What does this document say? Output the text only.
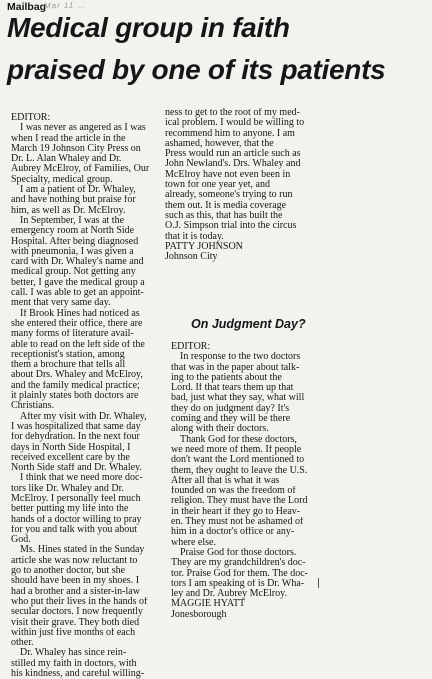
Mar 11 …
Mailbag
Medical group in faith
praised by one of its patients
EDITOR:
I was never as angered as I was
when I read the article in the
March 19 Johnson City Press on
Dr. L. Alan Whaley and Dr.
Aubrey McElroy, of Families, Our
Specialty, medical group.
I am a patient of Dr. Whaley,
and have nothing but praise for
him, as well as Dr. McElroy.
In September, I was at the
emergency room at North Side
Hospital. After being diagnosed
with pneumonia, I was given a
card with Dr. Whaley's name and
medical group. Not getting any
better, I gave the medical group a
call. I was able to get an appoint-
ment that very same day.
If Brook Hines had noticed as
she entered their office, there are
many forms of literature avail-
able to read on the left side of the
receptionist's station, among
them a brochure that tells all
about Drs. Whaley and McElroy,
and the family medical practice;
it plainly states both doctors are
Christians.
After my visit with Dr. Whaley,
I was hospitalized that same day
for dehydration. In the next four
days in North Side Hospital, I
received excellent care by the
North Side staff and Dr. Whaley.
I think that we need more doc-
tors like Dr. Whaley and Dr.
McElroy. I personally feel much
better putting my life into the
hands of a doctor willing to pray
for you and talk with you about
God.
Ms. Hines stated in the Sunday
article she was now reluctant to
go to another doctor, but she
should have been in my shoes. I
had a brother and a sister-in-law
who put their lives in the hands of
secular doctors. I now frequently
visit their grave. They both died
within just five months of each
other.
Dr. Whaley has since rein-
stilled my faith in doctors, with
his kindness, and careful willing-
ness to get to the root of my med-
ical problem. I would be willing to
recommend him to anyone. I am
ashamed, however, that the
Press would run an article such as
John Newland's. Drs. Whaley and
McElroy have not even been in
town for one year yet, and
already, someone's trying to run
them out. It is media coverage
such as this, that has built the
O.J. Simpson trial into the circus
that it is today.
PATTY JOHNSON
Johnson City
On Judgment Day?
EDITOR:
In response to the two doctors
that was in the paper about talk-
ing to the patients about the
Lord. If that tears them up that
bad, just what they say, what will
they do on judgment day? It's
coming and they will be there
along with their doctors.
Thank God for these doctors,
we need more of them. If people
don't want the Lord mentioned to
them, they ought to leave the U.S.
After all that is what it was
founded on was the freedom of
religion. They must have the Lord
in their heart if they go to Heav-
en. They must not be ashamed of
him in a doctor's office or any-
where else.
Praise God for those doctors.
They are my grandchildren's doc-
tor. Praise God for them. The doc-
tors I am speaking of is Dr. Wha-
ley and Dr. Aubrey McElroy.
MAGGIE HYATT
Jonesborough
